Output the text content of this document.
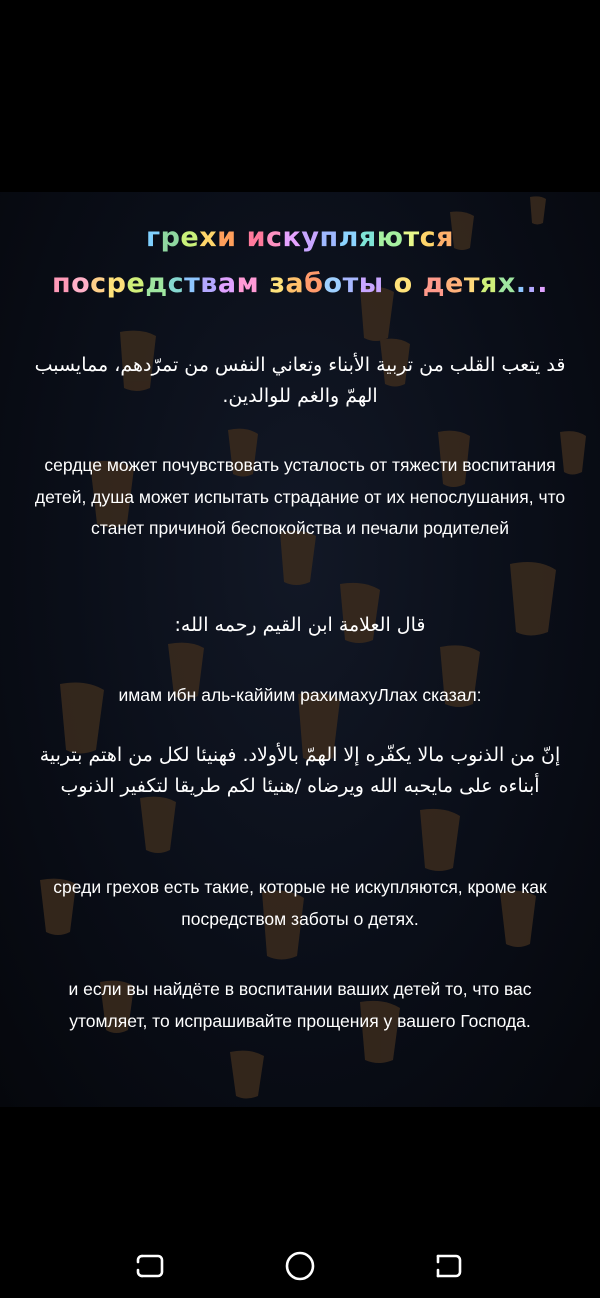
грехи искупляются
посредствам заботы о детях...
قد يتعب القلب من تربية الأبناء وتعاني النفس من تمرّدهم، ممايسبب الهمّ والغم للوالدين.
сердце может почувствовать усталость от тяжести воспитания детей, душа может испытать страдание от их непослушания, что станет причиной беспокойства и печали родителей
قال العلامة ابن القيم رحمه الله:
имам ибн аль-каййим рахимахуЛлах сказал:
إنّ من الذنوب مالا يكفّره إلا الهمّ بالأولاد. فهنيئا لكل من اهتم بتربية أبناءه على مايحبه الله ويرضاه /هنيئا لكم طريقا لتكفير الذنوب
среди грехов есть такие, которые не искупляются, кроме как посредством заботы о детях.
и если вы найдёте в воспитании ваших детей то, что вас утомляет, то испрашивайте прощения у вашего Господа.
